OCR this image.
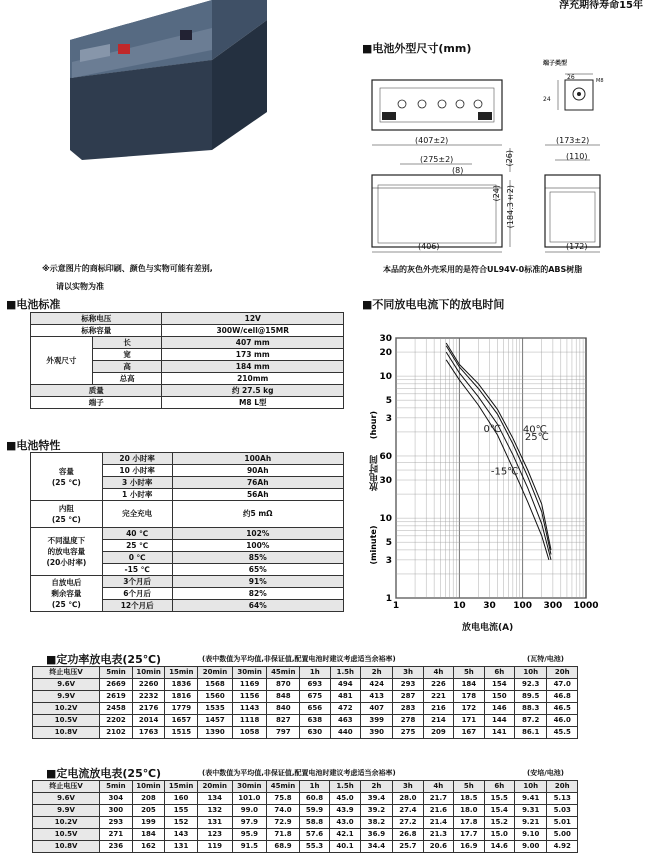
浮充期待寿命15年
※示意图片的商标印刷、颜色与实物可能有差别,
请以实物为准
■电池外型尺寸(mm)
端子类型
26
24
M8
(407±2)
(275±2)
(8)
(406)
(26)
(24) (184.3±2)
(173±2)
(110)
(172)
本品的灰色外壳采用的是符合UL94V-0标准的ABS树脂
■电池标准
标称电压		12V
标称容量		300W/cell@15MR
外观尺寸	长	407 mm
	宽	173 mm
	高	184 mm
	总高	210mm
质量		约 27.5 kg
端子		M8 L型
■电池特性
容量
(25 ℃)	20 小时率	100Ah
	10 小时率	90Ah
	3 小时率	76Ah
	1 小时率	56Ah
内阻
(25 ℃)	完全充电	约5 mΩ
不同温度下
的放电容量
(20小时率)	40 ℃	102%
	25 ℃	100%
	0 ℃	85%
	-15 ℃	65%
自放电后
剩余容量
(25 ℃)	3个月后	91%
	6个月后	82%
	12个月后	64%
■不同放电电流下的放电时间
1	10 30 100 300 1000
20
30
10
5
3
60
30
10
5
3
1
(hour)
(minute)
40℃
25℃
0℃
-15℃
放电时间
放电电流(A)
■定功率放电表(25℃)	(表中数值为平均值,非保证值,配置电池时建议考虑适当余裕率)	(瓦特/电池)
终止电压V	5min	10min	15min	20min	30min	45min	1h	1.5h	2h	3h	4h	5h	6h	10h	20h
9.6V	2669	2260	1836	1568	1169	870	693	494	424	293	226	184	154	92.3	47.0
9.9V	2619	2232	1816	1560	1156	848	675	481	413	287	221	178	150	89.5	46.8
10.2V	2458	2176	1779	1535	1143	840	656	472	407	283	216	172	146	88.3	46.5
10.5V	2202	2014	1657	1457	1118	827	638	463	399	278	214	171	144	87.2	46.0
10.8V	2102	1763	1515	1390	1058	797	630	440	390	275	209	167	141	86.1	45.5
■定电流放电表(25℃)	(表中数值为平均值,非保证值,配置电池时建议考虑适当余裕率)	(安培/电池)
终止电压V	5min	10min	15min	20min	30min	45min	1h	1.5h	2h	3h	4h	5h	6h	10h	20h
9.6V	304	208	160	134	101.0	75.8	60.8	45.0	39.4	28.0	21.7	18.5	15.5	9.41	5.13
9.9V	300	205	155	132	99.0	74.0	59.9	43.9	39.2	27.4	21.6	18.0	15.4	9.31	5.03
10.2V	293	199	152	131	97.9	72.9	58.8	43.0	38.2	27.2	21.4	17.8	15.2	9.21	5.01
10.5V	271	184	143	123	95.9	71.8	57.6	42.1	36.9	26.8	21.3	17.7	15.0	9.10	5.00
10.8V	236	162	131	119	91.5	68.9	55.3	40.1	34.4	25.7	20.6	16.9	14.6	9.00	4.92
